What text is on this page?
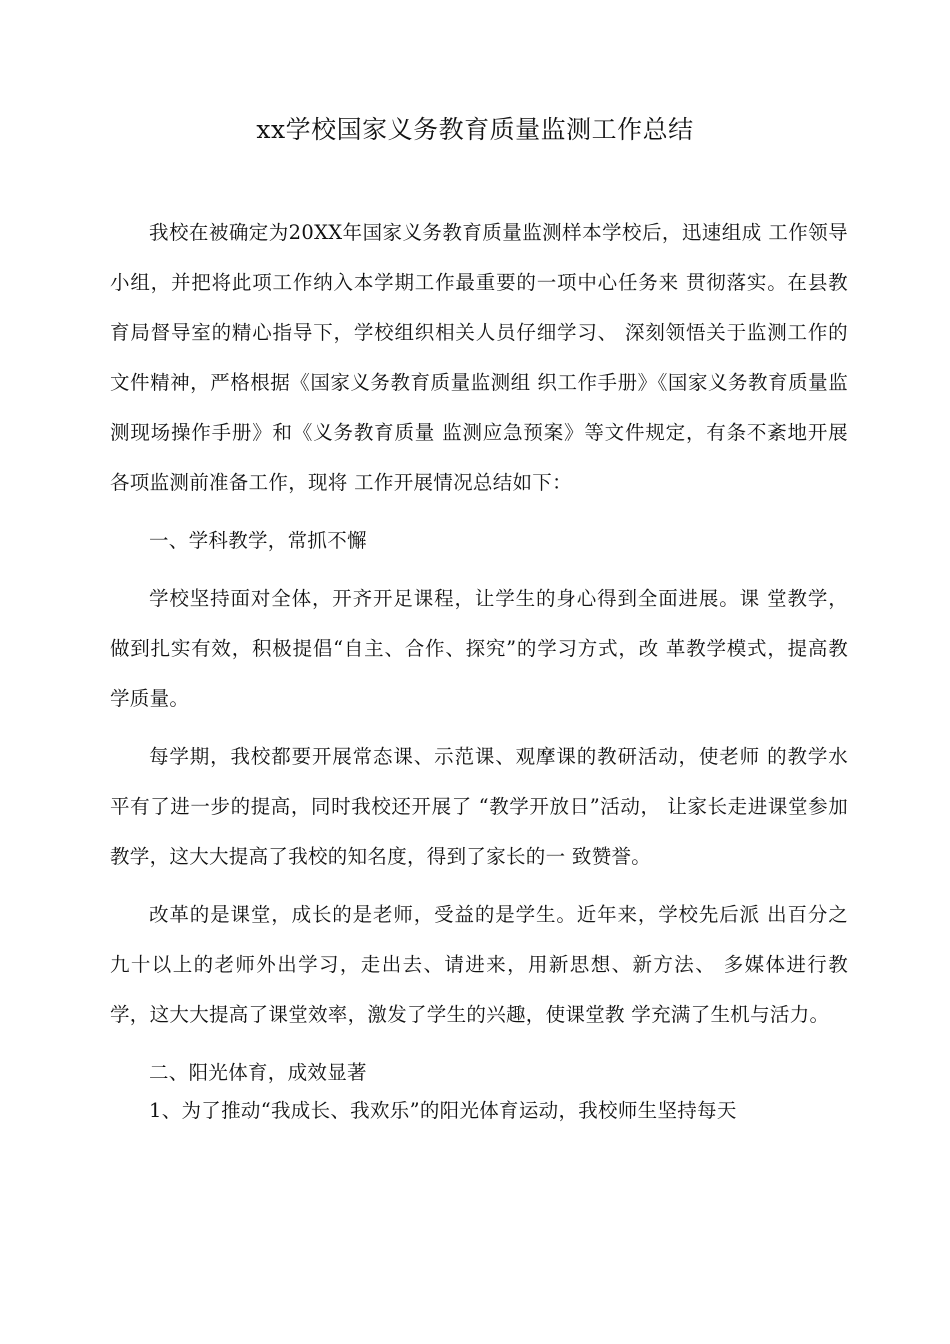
xx学校国家义务教育质量监测工作总结

我校在被确定为20XX年国家义务教育质量监测样本学校后，迅速组成 工作领导小组，并把将此项工作纳入本学期工作最重要的一项中心任务来 贯彻落实。在县教育局督导室的精心指导下，学校组织相关人员仔细学习、 深刻领悟关于监测工作的文件精神，严格根据《国家义务教育质量监测组 织工作手册》《国家义务教育质量监测现场操作手册》和《义务教育质量 监测应急预案》等文件规定，有条不紊地开展各项监测前准备工作，现将 工作开展情况总结如下：

一、学科教学，常抓不懈

学校坚持面对全体，开齐开足课程，让学生的身心得到全面进展。课 堂教学，做到扎实有效，积极提倡“自主、合作、探究”的学习方式，改 革教学模式，提高教学质量。

每学期，我校都要开展常态课、示范课、观摩课的教研活动，使老师 的教学水平有了进一步的提高，同时我校还开展了 “教学开放日”活动， 让家长走进课堂参加教学，这大大提高了我校的知名度，得到了家长的一 致赞誉。

改革的是课堂，成长的是老师，受益的是学生。近年来，学校先后派 出百分之九十以上的老师外出学习，走出去、请进来，用新思想、新方法、 多媒体进行教学，这大大提高了课堂效率，激发了学生的兴趣，使课堂教 学充满了生机与活力。

二、阳光体育，成效显著

1、为了推动“我成长、我欢乐”的阳光体育运动，我校师生坚持每天
